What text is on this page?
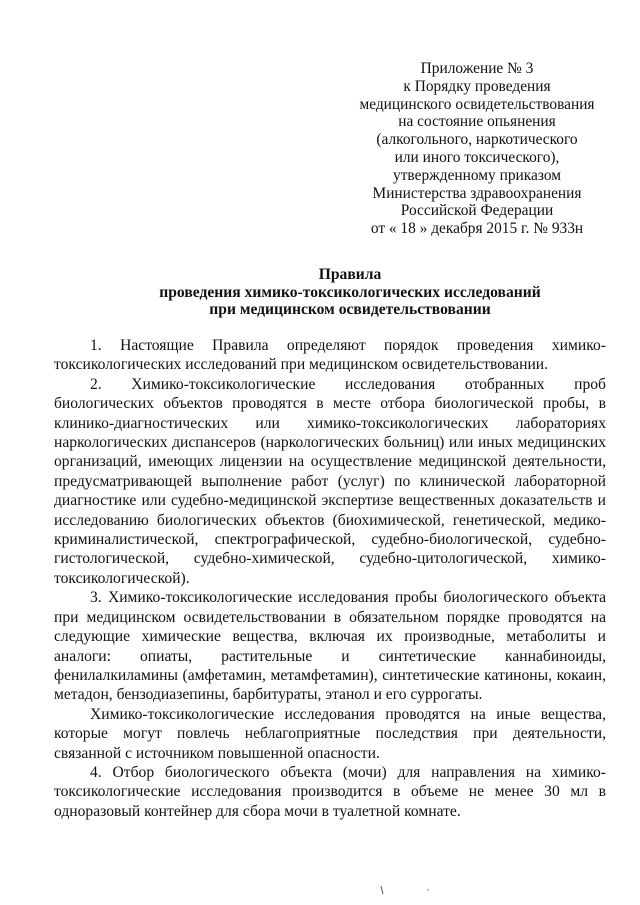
Приложение № 3
к Порядку проведения
медицинского освидетельствования
на состояние опьянения
(алкогольного, наркотического
или иного токсического),
утвержденному приказом
Министерства здравоохранения
Российской Федерации
от « 18 » декабря 2015 г. № 933н
Правила
проведения химико-токсикологических исследований
при медицинском освидетельствовании

1. Настоящие Правила определяют порядок проведения химико-токсикологических исследований при медицинском освидетельствовании.

2. Химико-токсикологические исследования отобранных проб биологических объектов проводятся в месте отбора биологической пробы, в клинико-диагностических или химико-токсикологических лабораториях наркологических диспансеров (наркологических больниц) или иных медицинских организаций, имеющих лицензии на осуществление медицинской деятельности, предусматривающей выполнение работ (услуг) по клинической лабораторной диагностике или судебно-медицинской экспертизе вещественных доказательств и исследованию биологических объектов (биохимической, генетической, медико-криминалистической, спектрографической, судебно-биологической, судебно-гистологической, судебно-химической, судебно-цитологической, химико-токсикологической).

3. Химико-токсикологические исследования пробы биологического объекта при медицинском освидетельствовании в обязательном порядке проводятся на следующие химические вещества, включая их производные, метаболиты и аналоги: опиаты, растительные и синтетические каннабиноиды, фенилалкиламины (амфетамин, метамфетамин), синтетические катиноны, кокаин, метадон, бензодиазепины, барбитураты, этанол и его суррогаты.

Химико-токсикологические исследования проводятся на иные вещества, которые могут повлечь неблагоприятные последствия при деятельности, связанной с источником повышенной опасности.

4. Отбор биологического объекта (мочи) для направления на химико-токсикологические исследования производится в объеме не менее 30 мл в одноразовый контейнер для сбора мочи в туалетной комнате.
